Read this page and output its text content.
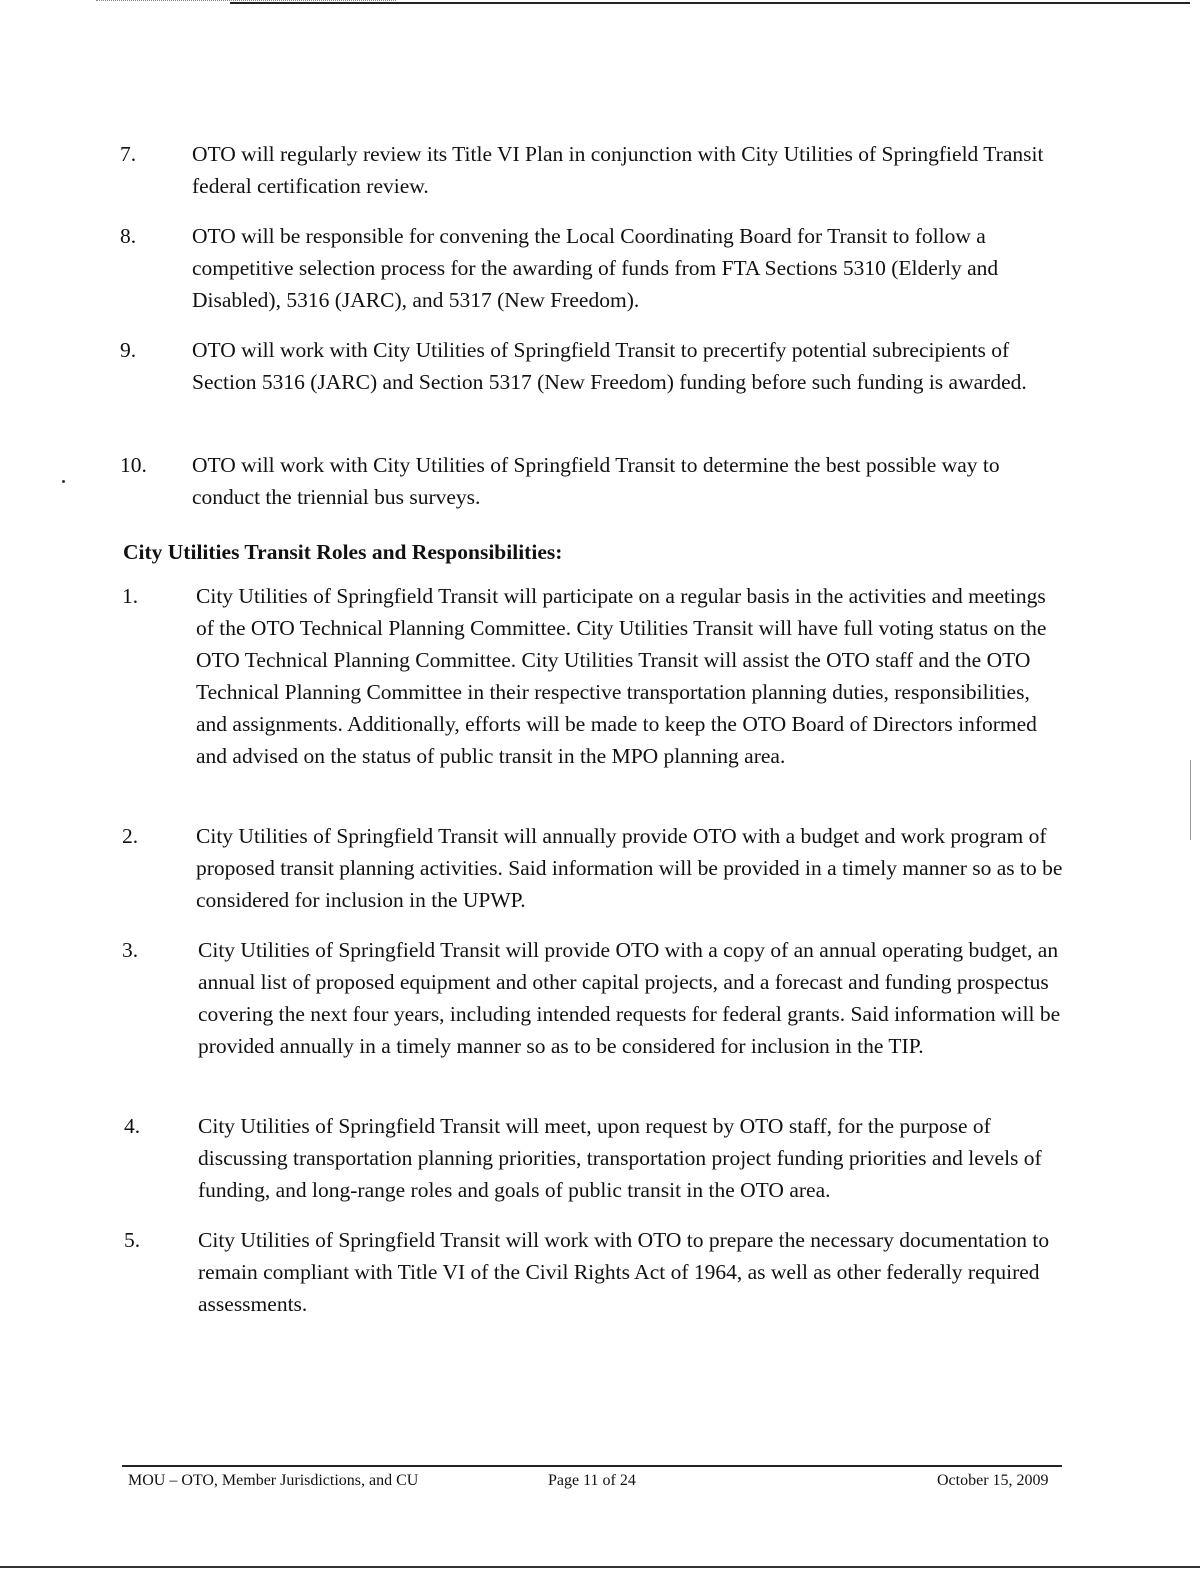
7.	OTO will regularly review its Title VI Plan in conjunction with City Utilities of Springfield Transit federal certification review.
8.	OTO will be responsible for convening the Local Coordinating Board for Transit to follow a competitive selection process for the awarding of funds from FTA Sections 5310 (Elderly and Disabled), 5316 (JARC), and 5317 (New Freedom).
9.	OTO will work with City Utilities of Springfield Transit to precertify potential subrecipients of Section 5316 (JARC) and Section 5317 (New Freedom) funding before such funding is awarded.
10. OTO will work with City Utilities of Springfield Transit to determine the best possible way to conduct the triennial bus surveys.
City Utilities Transit Roles and Responsibilities:
1.	City Utilities of Springfield Transit will participate on a regular basis in the activities and meetings of the OTO Technical Planning Committee. City Utilities Transit will have full voting status on the OTO Technical Planning Committee. City Utilities Transit will assist the OTO staff and the OTO Technical Planning Committee in their respective transportation planning duties, responsibilities, and assignments. Additionally, efforts will be made to keep the OTO Board of Directors informed and advised on the status of public transit in the MPO planning area.
2.	City Utilities of Springfield Transit will annually provide OTO with a budget and work program of proposed transit planning activities. Said information will be provided in a timely manner so as to be considered for inclusion in the UPWP.
3.	City Utilities of Springfield Transit will provide OTO with a copy of an annual operating budget, an annual list of proposed equipment and other capital projects, and a forecast and funding prospectus covering the next four years, including intended requests for federal grants. Said information will be provided annually in a timely manner so as to be considered for inclusion in the TIP.
4.	City Utilities of Springfield Transit will meet, upon request by OTO staff, for the purpose of discussing transportation planning priorities, transportation project funding priorities and levels of funding, and long-range roles and goals of public transit in the OTO area.
5.	City Utilities of Springfield Transit will work with OTO to prepare the necessary documentation to remain compliant with Title VI of the Civil Rights Act of 1964, as well as other federally required assessments.
MOU – OTO, Member Jurisdictions, and CU	Page 11 of 24	October 15, 2009
